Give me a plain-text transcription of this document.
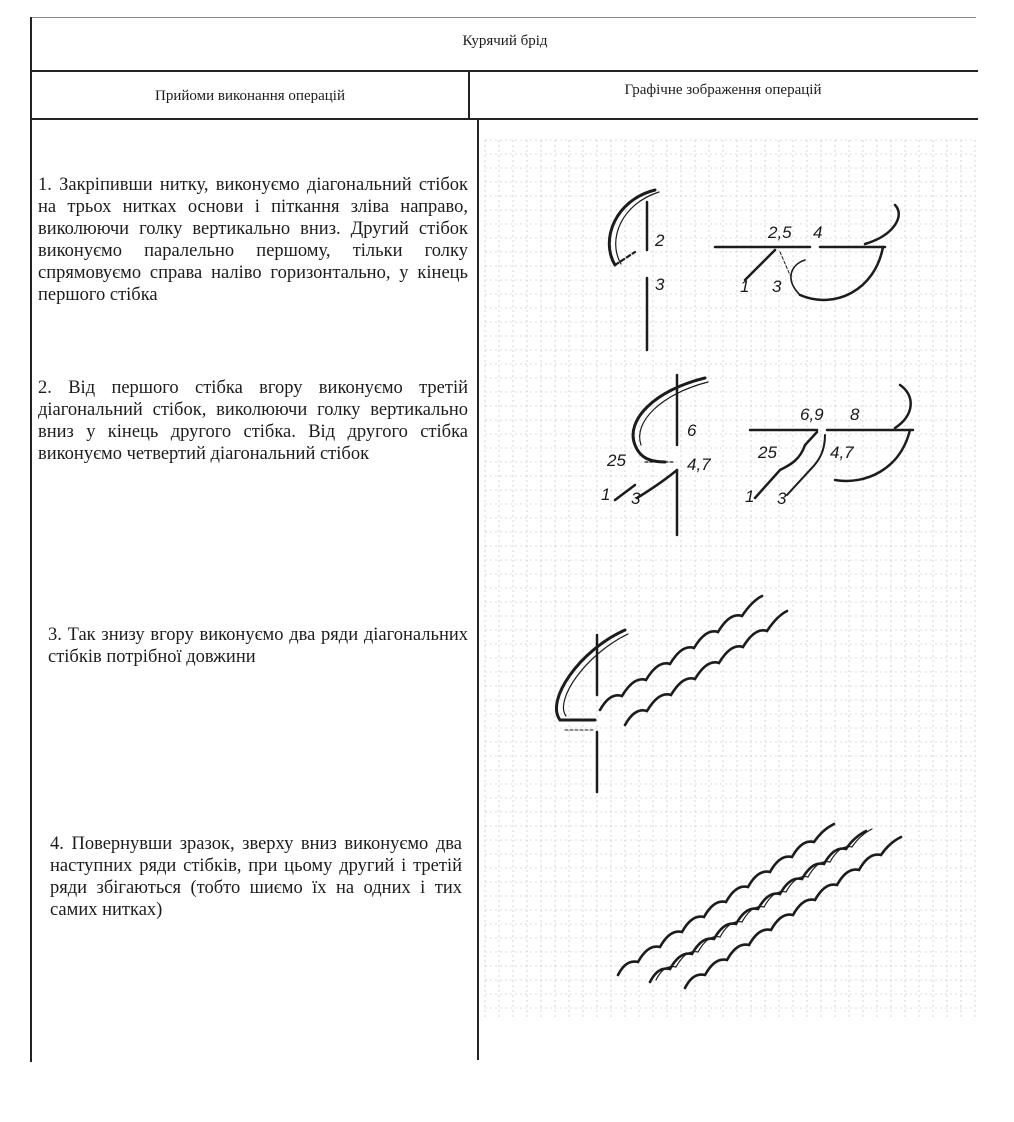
Курячий брід
Прийоми виконання операцій	Графічне зображення операцій
1. Закріпивши нитку, виконуємо діагональний стібок на трьох нитках основи і піткання зліва направо, виколюючи голку вертикально вниз. Другий стібок виконуємо паралельно першому, тільки голку спрямовуємо справа наліво горизонтально, у кінець першого стібка
2. Від першого стібка вгору виконуємо третій діагональний стібок, виколюючи голку вертикально вниз у кінець другого стібка. Від другого стібка виконуємо четвертий діагональний стібок
3. Так знизу вгору виконуємо два ряди діагональних стібків потрібної довжини
4. Повернувши зразок, зверху вниз виконуємо два наступних ряди стібків, при цьому другий і третій ряди збігаються (тобто шиємо їх на одних і тих самих нитках)
2
3
2,5 4
1 3
6
25	4,7
1 3
6,9 8
25	4,7
1 3
